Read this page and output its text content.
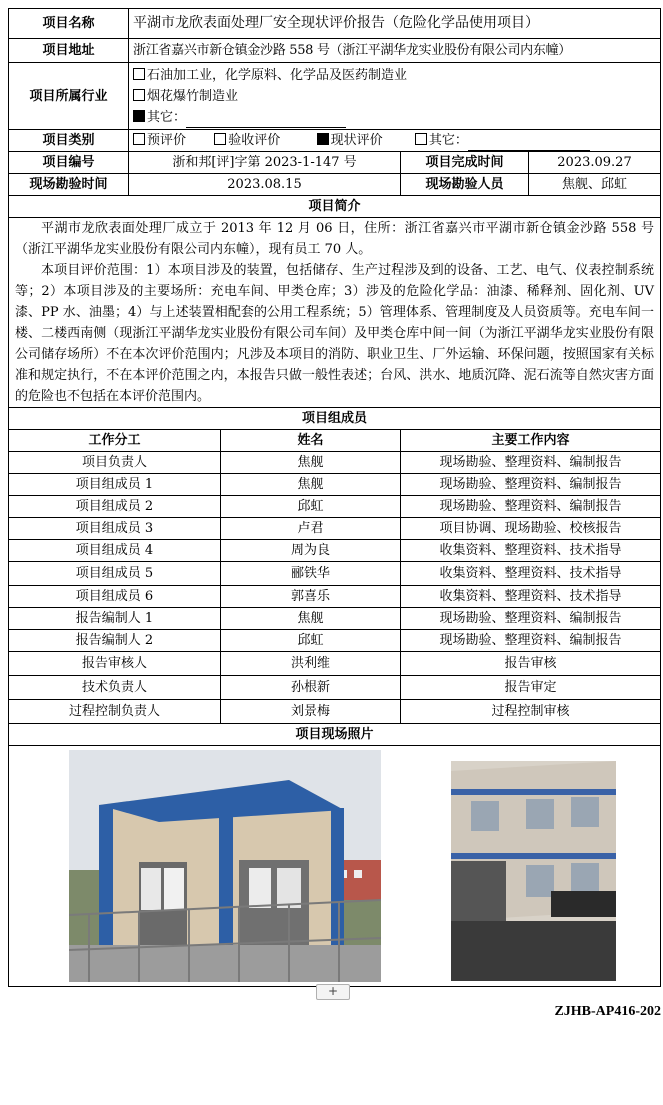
项目名称	平湖市龙欣表面处理厂安全现状评价报告（危险化学品使用项目）			
项目地址	浙江省嘉兴市新仓镇金沙路 558 号（浙江平湖华龙实业股份有限公司内东幢）			
项目所属行业	石油加工业，化学原料、化学品及医药制造业
烟花爆竹制造业
其它：			

项目类别	预评价 验收评价 现状评价 其它：			
项目编号	浙和邦[评]字第 2023-1-147 号		项目完成时间	2023.09.27
现场勘验时间	2023.08.15		现场勘验人员	焦舰、邱虹
项目简介				

平湖市龙欣表面处理厂成立于 2013 年 12 月 06 日，住所：浙江省嘉兴市平湖市新仓镇金沙路 558 号（浙江平湖华龙实业股份有限公司内东幢），现有员工 70 人。

本项目评价范围：1）本项目涉及的装置，包括储存、生产过程涉及到的设备、工艺、电气、仪表控制系统等；2）本项目涉及的主要场所：充电车间、甲类仓库；3）涉及的危险化学品：油漆、稀释剂、固化剂、UV 漆、PP 水、油墨；4）与上述装置相配套的公用工程系统；5）管理体系、管理制度及人员资质等。充电车间一楼、二楼西南侧（现浙江平湖华龙实业股份有限公司车间）及甲类仓库中间一间（为浙江平湖华龙实业股份有限公司储存场所）不在本次评价范围内；凡涉及本项目的消防、职业卫生、厂外运输、环保问题，按照国家有关标准和规定执行，不在本评价范围之内，本报告只做一般性表述；台风、洪水、地质沉降、泥石流等自然灾害方面的危险也不包括在本评价范围内。				

项目组成员				
工作分工		姓名	主要工作内容	
项目负责人		焦舰	现场勘验、整理资料、编制报告	
项目组成员 1		焦舰	现场勘验、整理资料、编制报告	
项目组成员 2		邱虹	现场勘验、整理资料、编制报告	
项目组成员 3		卢君	项目协调、现场勘验、校核报告	
项目组成员 4		周为良	收集资料、整理资料、技术指导	
项目组成员 5		郦铁华	收集资料、整理资料、技术指导	
项目组成员 6		郭喜乐	收集资料、整理资料、技术指导	
报告编制人 1		焦舰	现场勘验、整理资料、编制报告	
报告编制人 2		邱虹	现场勘验、整理资料、编制报告	
报告审核人		洪利维	报告审核	
技术负责人		孙根新	报告审定	
过程控制负责人		刘景梅	过程控制审核	
项目现场照片				

+
ZJHB-AP416-202
